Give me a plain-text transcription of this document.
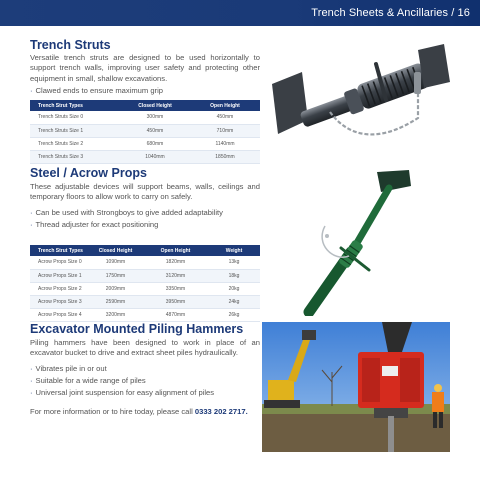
Trench Sheets & Ancillaries / 16
Trench Struts

Versatile trench struts are designed to be used horizontally to support trench walls, improving user safety and protecting other equipment in small, shallow excavations.

· Clawed ends to ensure maximum grip
Trench Strut Types	Closed Height	Open Height
Trench Struts Size 0	300mm	450mm
Trench Struts Size 1	450mm	710mm
Trench Struts Size 2	680mm	1140mm
Trench Struts Size 3	1040mm	1850mm
Steel / Acrow Props

These adjustable devices will support beams, walls, ceilings and temporary floors to allow work to carry on safely.

· Can be used with Strongboys to give added adaptability
· Thread adjuster for exact positioning
Trench Strut Types	Closed Height	Open Height	Weight
Acrow Props Size 0	1090mm	1820mm	13kg
Acrow Props Size 1	1750mm	3120mm	18kg
Acrow Props Size 2	2009mm	3350mm	20kg
Acrow Props Size 3	2590mm	3950mm	24kg
Acrow Props Size 4	3200mm	4870mm	26kg
Excavator Mounted Piling Hammers

Piling hammers have been designed to work in place of an excavator bucket to drive and extract sheet piles hydraulically.

· Vibrates pile in or out
· Suitable for a wide range of piles
· Universal joint suspension for easy alignment of piles
For more information or to hire today, please call 0333 202 2717.
